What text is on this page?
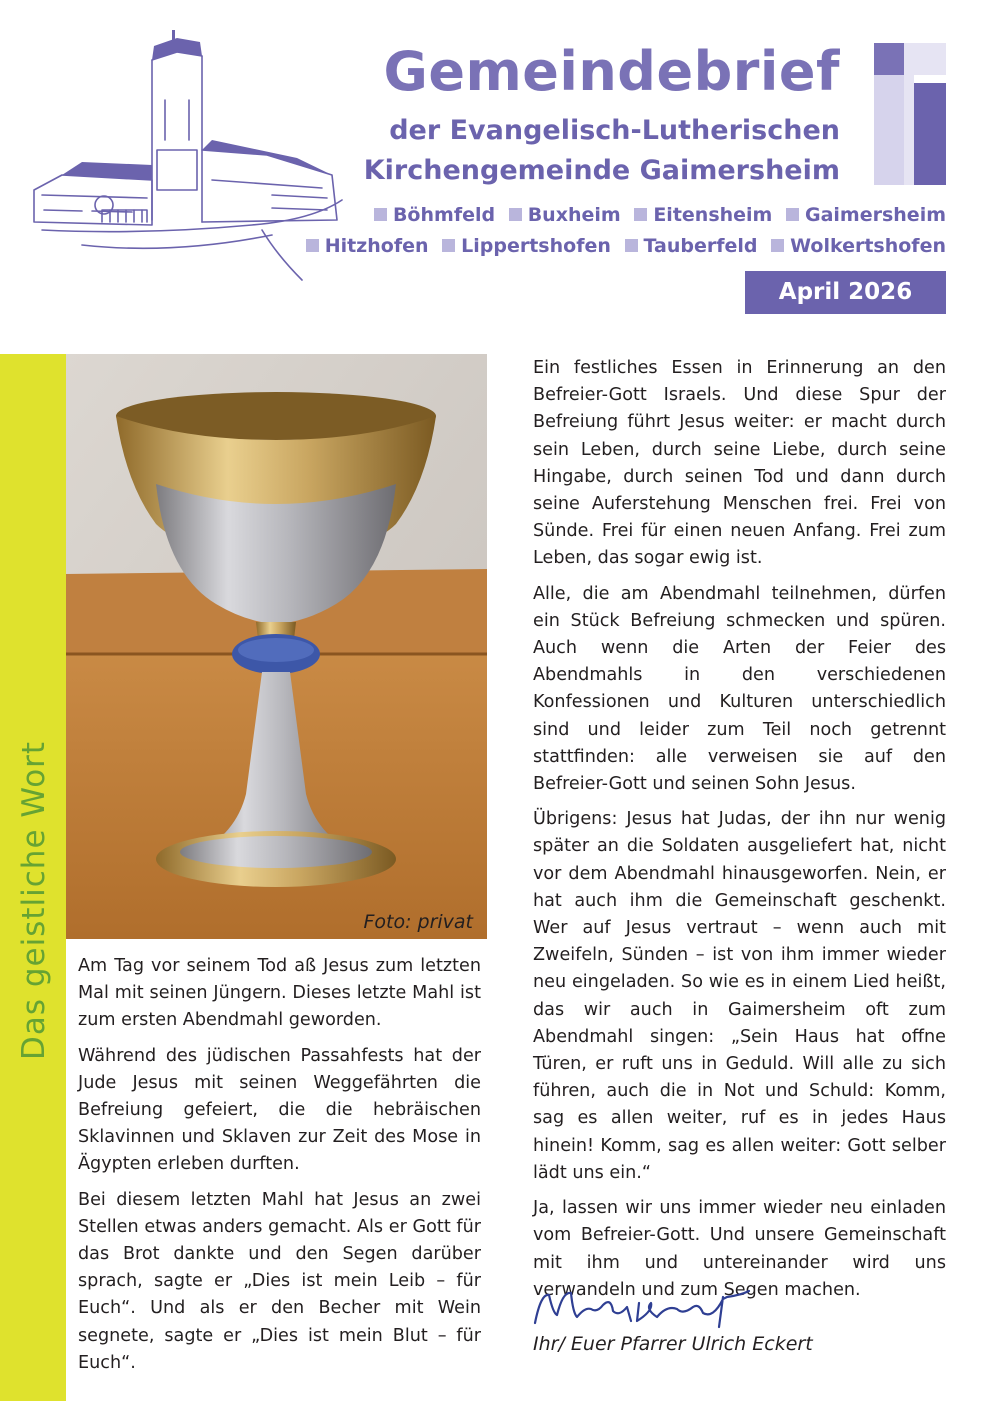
Gemeindebrief
der Evangelisch-Lutherischen
Kirchengemeinde Gaimersheim
Böhmfeld Buxheim Eitensheim Gaimersheim
Hitzhofen Lippertshofen Tauberfeld Wolkertshofen
April 2026
Das geistliche Wort	Foto: privat

Am Tag vor seinem Tod aß Jesus zum letzten Mal mit seinen Jüngern. Dieses letzte Mahl ist zum ersten Abendmahl geworden.

Während des jüdischen Passahfests hat der Jude Jesus mit seinen Weggefährten die Befreiung gefeiert, die die hebräischen Sklavinnen und Sklaven zur Zeit des Mose in Ägypten erleben durften.

Bei diesem letzten Mahl hat Jesus an zwei Stellen etwas anders gemacht. Als er Gott für das Brot dankte und den Segen darüber sprach, sagte er „Dies ist mein Leib – für Euch“. Und als er den Becher mit Wein segnete, sagte er „Dies ist mein Blut – für Euch“.

Ein festliches Essen in Erinnerung an den Befreier-Gott Israels. Und diese Spur der Befreiung führt Jesus weiter: er macht durch sein Leben, durch seine Liebe, durch seine Hingabe, durch seinen Tod und dann durch seine Auferstehung Menschen frei. Frei von Sünde. Frei für einen neuen Anfang. Frei zum Leben, das sogar ewig ist.

Alle, die am Abendmahl teilnehmen, dürfen ein Stück Befreiung schmecken und spüren. Auch wenn die Arten der Feier des Abendmahls in den verschiedenen Konfessionen und Kulturen unterschiedlich sind und leider zum Teil noch getrennt stattfinden: alle verweisen sie auf den Befreier-Gott und seinen Sohn Jesus.

Übrigens: Jesus hat Judas, der ihn nur wenig später an die Soldaten ausgeliefert hat, nicht vor dem Abendmahl hinausgeworfen. Nein, er hat auch ihm die Gemeinschaft geschenkt. Wer auf Jesus vertraut – wenn auch mit Zweifeln, Sünden – ist von ihm immer wieder neu eingeladen. So wie es in einem Lied heißt, das wir auch in Gaimersheim oft zum Abendmahl singen: „Sein Haus hat offne Türen, er ruft uns in Geduld. Will alle zu sich führen, auch die in Not und Schuld: Komm, sag es allen weiter, ruf es in jedes Haus hinein! Komm, sag es allen weiter: Gott selber lädt uns ein.“

Ja, lassen wir uns immer wieder neu einladen vom Befreier-Gott. Und unsere Gemeinschaft mit ihm und untereinander wird uns verwandeln und zum Segen machen.

Ihr/ Euer Pfarrer Ulrich Eckert
